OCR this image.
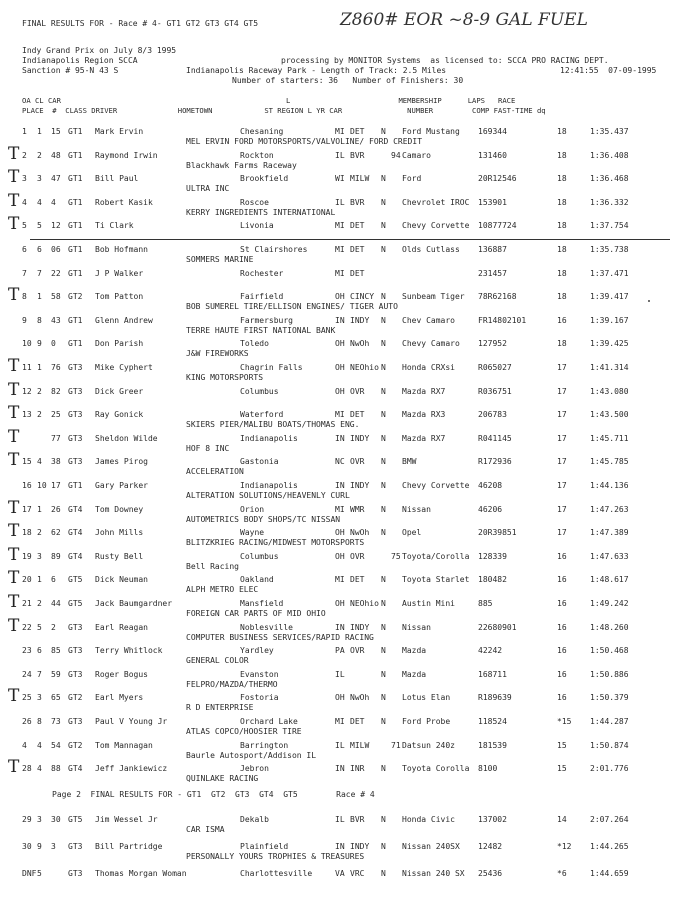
Z860# EOR ~8-9 GAL FUEL
FINAL RESULTS FOR - Race # 4- GT1 GT2 GT3 GT4 GT5
Indy Grand Prix on July 8/3 1995
Indianapolis Region SCCA	processing by MONITOR Systems  as licensed to: SCCA PRO RACING DEPT.
Sanction # 95-N 43 S	Indianapolis Raceway Park - Length of Track: 2.5 Miles	12:41:55  07-09-1995
Number of starters: 36   Number of Finishers: 30
OA CL CAR                                                    L                         MEMBERSHIP      LAPS   RACE
PLACE  #  CLASS DRIVER              HOMETOWN            ST REGION L YR CAR               NUMBER         COMP FAST-TIME dq
1 1 15 GT1 Mark Ervin	Chesaning	MI DET N Ford Mustang 169344	18	1:35.437
MEL ERVIN FORD MOTORSPORTS/VALVOLINE/ FORD CREDIT
2 2 48 GT1 Raymond Irwin	Rockton	IL BVR	94 Camaro	131460	18	1:36.408
Blackhawk Farms Raceway
T
3 3 47 GT1 Bill Paul	Brookfield	WI MILW N Ford	20R12546	18	1:36.468
ULTRA INC
T
4 4 4 GT1 Robert Kasik	Roscoe	IL BVR N Chevrolet IROC 153901	18	1:36.332
KERRY INGREDIENTS INTERNATIONAL
T
5 5 12 GT1 Ti Clark	Livonia	MI DET N Chevy Corvette 10877724	18	1:37.754
T
6 6 06 GT1 Bob Hofmann	St Clairshores	MI DET N Olds Cutlass 136887	18	1:35.738
SOMMERS MARINE
7 7 22 GT1 J P Walker	Rochester	MI DET	231457	18	1:37.471
8 1 58 GT2 Tom Patton	Fairfield	OH CINCY N Sunbeam Tiger 78R62168	18	1:39.417
BOB SUMEREL TIRE/ELLISON ENGINES/ TIGER AUTO
T
9 8 43 GT1 Glenn Andrew	Farmersburg	IN INDY N Chev Camaro	FR14802101	16	1:39.167
TERRE HAUTE FIRST NATIONAL BANK
10 9 0 GT1 Don Parish	Toledo	OH NwOh N Chevy Camaro 127952	18	1:39.425
J&W FIREWORKS
11 1 76 GT3 Mike Cyphert	Chagrin Falls	OH NEOhio N Honda CRXsi	R065027	17	1:41.314
KING MOTORSPORTS
T
12 2 82 GT3 Dick Greer	Columbus	OH OVR N Mazda RX7	R036751	17	1:43.080
T
13 2 25 GT3 Ray Gonick	Waterford	MI DET N Mazda RX3	206783	17	1:43.500
SKIERS PIER/MALIBU BOATS/THOMAS ENG.
T
77 GT3 Sheldon Wilde	Indianapolis	IN INDY N Mazda RX7	R041145	17	1:45.711
HOF 8 INC
T
15 4 38 GT3 James Pirog	Gastonia	NC OVR N BMW	R172936	17	1:45.785
ACCELERATION
T
16 10 17 GT1 Gary Parker	Indianapolis	IN INDY N Chevy Corvette 46208	17	1:44.136
ALTERATION SOLUTIONS/HEAVENLY CURL
17 1 26 GT4 Tom Downey	Orion	MI WMR N Nissan	46206	17	1:47.263
AUTOMETRICS BODY SHOPS/TC NISSAN
T
18 2 62 GT4 John Mills	Wayne	OH NwOh N Opel	20R39851	17	1:47.389
BLITZKRIEG RACING/MIDWEST MOTORSPORTS
T
19 3 89 GT4 Rusty Bell	Columbus	OH OVR	75 Toyota/Corolla 128339	16	1:47.633
Bell Racing
T
20 1 6 GT5 Dick Neuman	Oakland	MI DET N Toyota Starlet 180482	16	1:48.617
ALPH METRO ELEC
T
21 2 44 GT5 Jack Baumgardner	Mansfield	OH NEOhio N Austin Mini	885	16	1:49.242
FOREIGN CAR PARTS OF MID OHIO
T
22 5 2 GT3 Earl Reagan	Noblesville	IN INDY N Nissan	22680901	16	1:48.260
COMPUTER BUSINESS SERVICES/RAPID RACING
T
23 6 85 GT3 Terry Whitlock	Yardley	PA OVR N Mazda	42242	16	1:50.468
GENERAL COLOR
24 7 59 GT3 Roger Bogus	Evanston	IL	N Mazda	168711	16	1:50.886
FELPRO/MAZDA/THERMO
25 3 65 GT2 Earl Myers	Fostoria	OH NwOh N Lotus Elan	R189639	16	1:50.379
R D ENTERPRISE
T
26 8 73 GT3 Paul V Young Jr	Orchard Lake	MI DET N Ford Probe	118524	*15 1:44.287
ATLAS COPCO/HOOSIER TIRE
4 4 54 GT2 Tom Mannagan	Barrington	IL MILW	71 Datsun 240z	181539	15	1:50.874
Baurle Autosport/Addison IL
28 4 88 GT4 Jeff Jankiewicz	Jebron	IN INR N Toyota Corolla 8100	15	2:01.776
QUINLAKE RACING
T
Page 2  FINAL RESULTS FOR - GT1  GT2  GT3  GT4  GT5        Race # 4
29 3 30 GT5 Jim Wessel Jr	Dekalb	IL BVR N Honda Civic	137002	14	2:07.264
CAR ISMA
30 9 3 GT3 Bill Partridge	Plainfield	IN INDY N Nissan 240SX 12482	*12 1:44.265
PERSONALLY YOURS TROPHIES & TREASURES
DNF 5	GT3 Thomas Morgan Woman	Charlottesville	VA VRC N Nissan 240 SX 25436	*6	1:44.659
